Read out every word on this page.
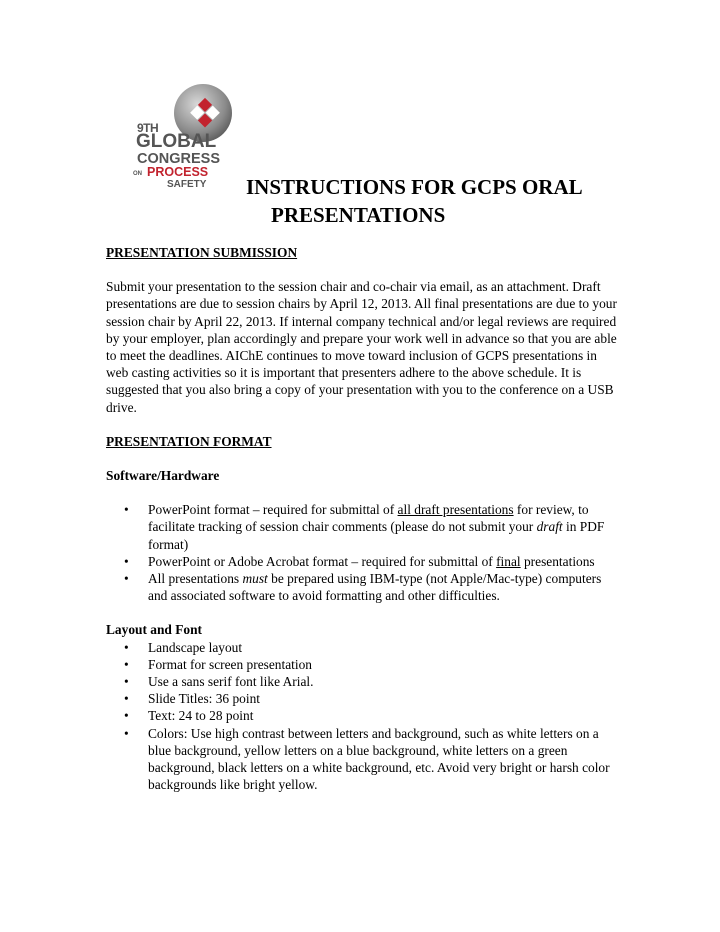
9TH
GLOBAL
CONGRESS
ON PROCESS
SAFETY INSTRUCTIONS FOR GCPS ORAL
PRESENTATIONS

PRESENTATION SUBMISSION

Submit your presentation to the session chair and co-chair via email, as an attachment. Draft presentations are due to session chairs by April 12, 2013. All final presentations are due to your session chair by April 22, 2013. If internal company technical and/or legal reviews are required by your employer, plan accordingly and prepare your work well in advance so that you are able to meet the deadlines. AIChE continues to move toward inclusion of GCPS presentations in web casting activities so it is important that presenters adhere to the above schedule. It is suggested that you also bring a copy of your presentation with you to the conference on a USB drive.

PRESENTATION FORMAT

Software/Hardware

• PowerPoint format – required for submittal of all draft presentations for review, to facilitate tracking of session chair comments (please do not submit your draft in PDF format)
• PowerPoint or Adobe Acrobat format – required for submittal of final presentations
• All presentations must be prepared using IBM-type (not Apple/Mac-type) computers and associated software to avoid formatting and other difficulties.

Layout and Font

• Landscape layout
• Format for screen presentation
• Use a sans serif font like Arial.
• Slide Titles: 36 point
• Text: 24 to 28 point
• Colors: Use high contrast between letters and background, such as white letters on a blue background, yellow letters on a blue background, white letters on a green background, black letters on a white background, etc. Avoid very bright or harsh color backgrounds like bright yellow.
